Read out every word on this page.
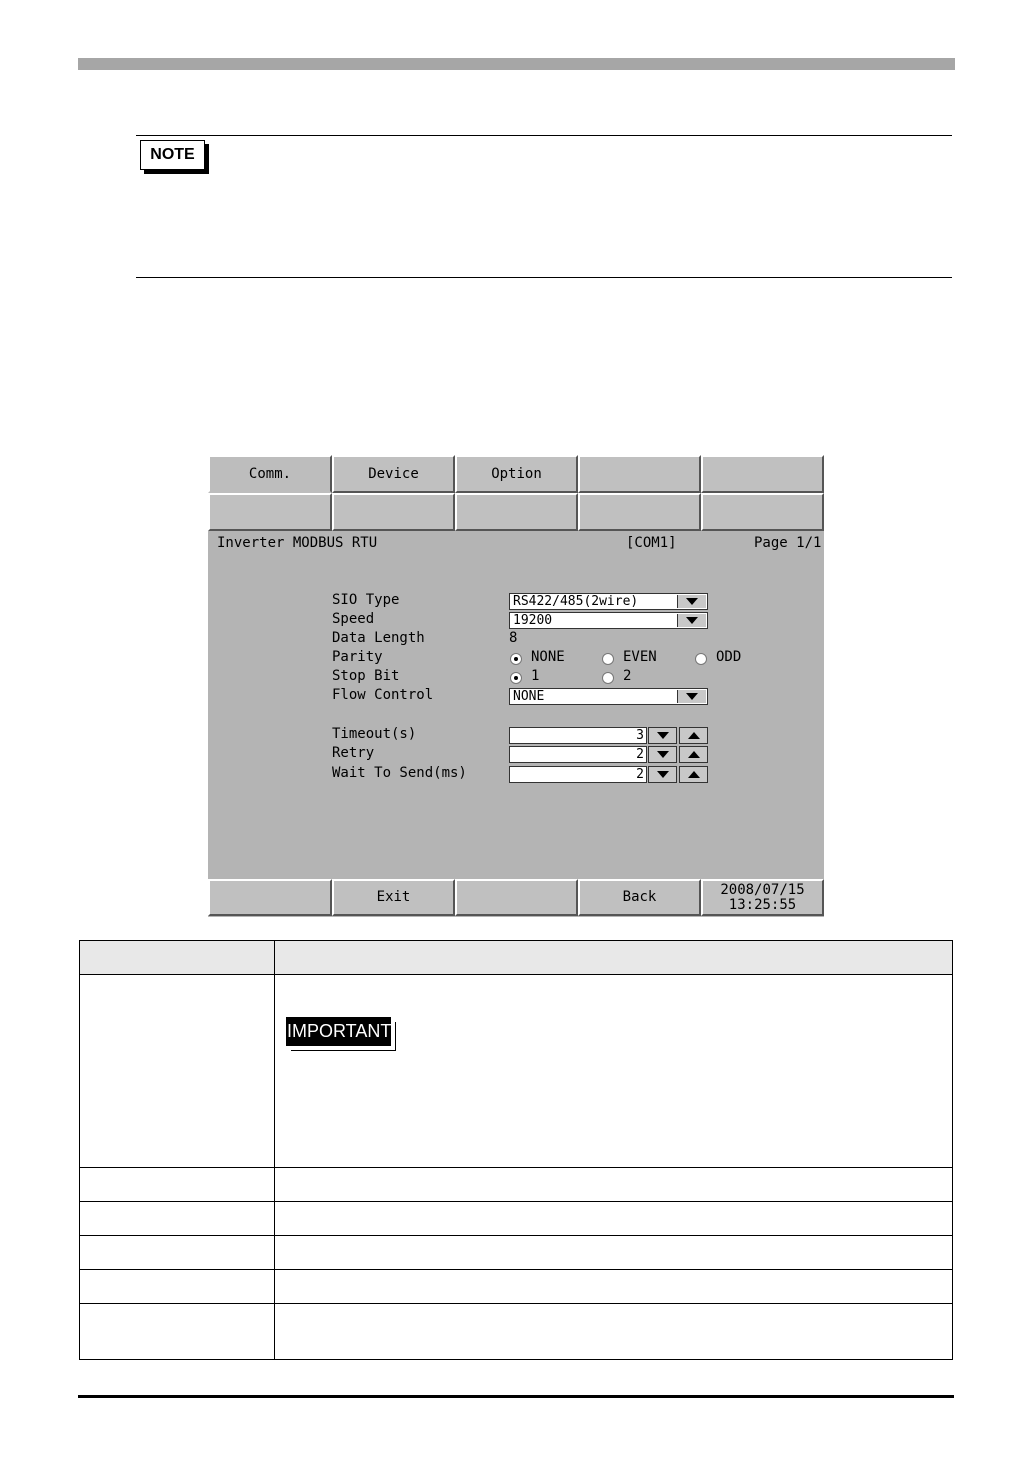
NOTE
Comm.	Device	Option
Inverter MODBUS RTU	[COM1]	Page 1/1
SIO Type	RS422/485(2wire)
Speed	19200
Data Length	8
Parity	NONE	EVEN	ODD
Stop Bit	1	2
Flow Control	NONE
Timeout(s)	3
Retry	2
Wait To Send(ms)	2
Exit	Back	2008/07/15
13:25:55
IMPORTANT
